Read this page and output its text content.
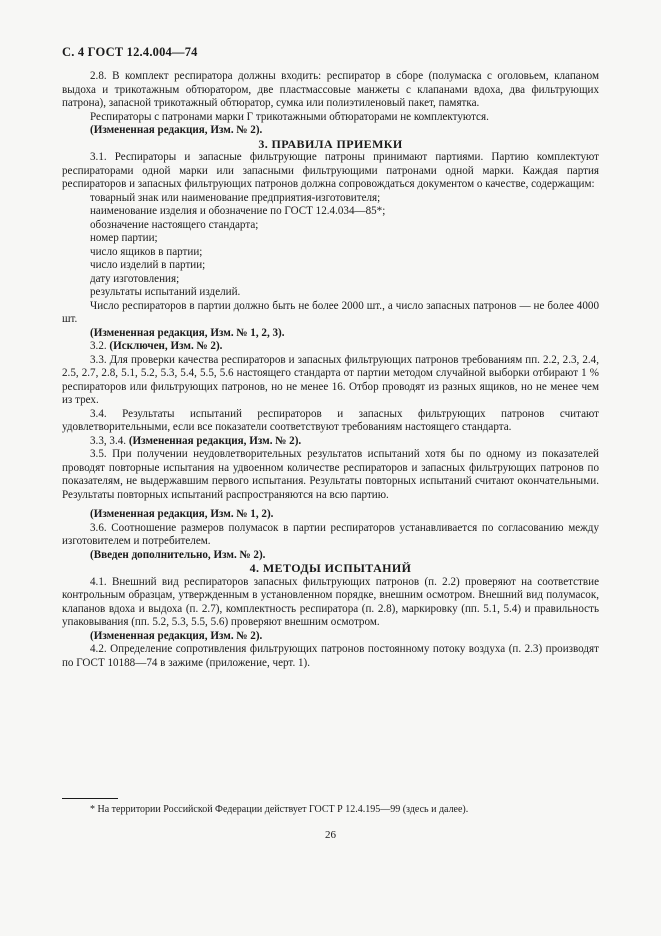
С. 4 ГОСТ 12.4.004—74

2.8. В комплект респиратора должны входить: респиратор в сборе (полумаска с оголовьем, клапаном выдоха и трикотажным обтюратором, две пластмассовые манжеты с клапанами вдоха, два фильтрующих патрона), запасной трикотажный обтюратор, сумка или полиэтиленовый пакет, памятка.

Респираторы с патронами марки Г трикотажными обтюраторами не комплектуются.

(Измененная редакция, Изм. № 2).

3. ПРАВИЛА ПРИЕМКИ

3.1. Респираторы и запасные фильтрующие патроны принимают партиями. Партию комплектуют респираторами одной марки или запасными фильтрующими патронами одной марки. Каждая партия респираторов и запасных фильтрующих патронов должна сопровождаться документом о качестве, содержащим:

товарный знак или наименование предприятия-изготовителя;

наименование изделия и обозначение по ГОСТ 12.4.034—85*;

обозначение настоящего стандарта;

номер партии;

число ящиков в партии;

число изделий в партии;

дату изготовления;

результаты испытаний изделий.

Число респираторов в партии должно быть не более 2000 шт., а число запасных патронов — не более 4000 шт.

(Измененная редакция, Изм. № 1, 2, 3).

3.2. (Исключен, Изм. № 2).

3.3. Для проверки качества респираторов и запасных фильтрующих патронов требованиям пп. 2.2, 2.3, 2.4, 2.5, 2.7, 2.8, 5.1, 5.2, 5.3, 5.4, 5.5, 5.6 настоящего стандарта от партии методом случайной выборки отбирают 1 % респираторов или фильтрующих патронов, но не менее 16. Отбор проводят из разных ящиков, но не менее чем из трех.

3.4. Результаты испытаний респираторов и запасных фильтрующих патронов считают удовлетворительными, если все показатели соответствуют требованиям настоящего стандарта.

3.3, 3.4. (Измененная редакция, Изм. № 2).

3.5. При получении неудовлетворительных результатов испытаний хотя бы по одному из показателей проводят повторные испытания на удвоенном количестве респираторов и запасных фильтрующих патронов по показателям, не выдержавшим первого испытания. Результаты повторных испытаний считают окончательными. Результаты повторных испытаний распространяются на всю партию.

(Измененная редакция, Изм. № 1, 2).

3.6. Соотношение размеров полумасок в партии респираторов устанавливается по согласованию между изготовителем и потребителем.

(Введен дополнительно, Изм. № 2).

4. МЕТОДЫ ИСПЫТАНИЙ

4.1. Внешний вид респираторов запасных фильтрующих патронов (п. 2.2) проверяют на соответствие контрольным образцам, утвержденным в установленном порядке, внешним осмотром. Внешний вид полумасок, клапанов вдоха и выдоха (п. 2.7), комплектность респиратора (п. 2.8), маркировку (пп. 5.1, 5.4) и правильность упаковывания (пп. 5.2, 5.3, 5.5, 5.6) проверяют внешним осмотром.

(Измененная редакция, Изм. № 2).

4.2. Определение сопротивления фильтрующих патронов постоянному потоку воздуха (п. 2.3) производят по ГОСТ 10188—74 в зажиме (приложение, черт. 1).

* На территории Российской Федерации действует ГОСТ Р 12.4.195—99 (здесь и далее).
26
